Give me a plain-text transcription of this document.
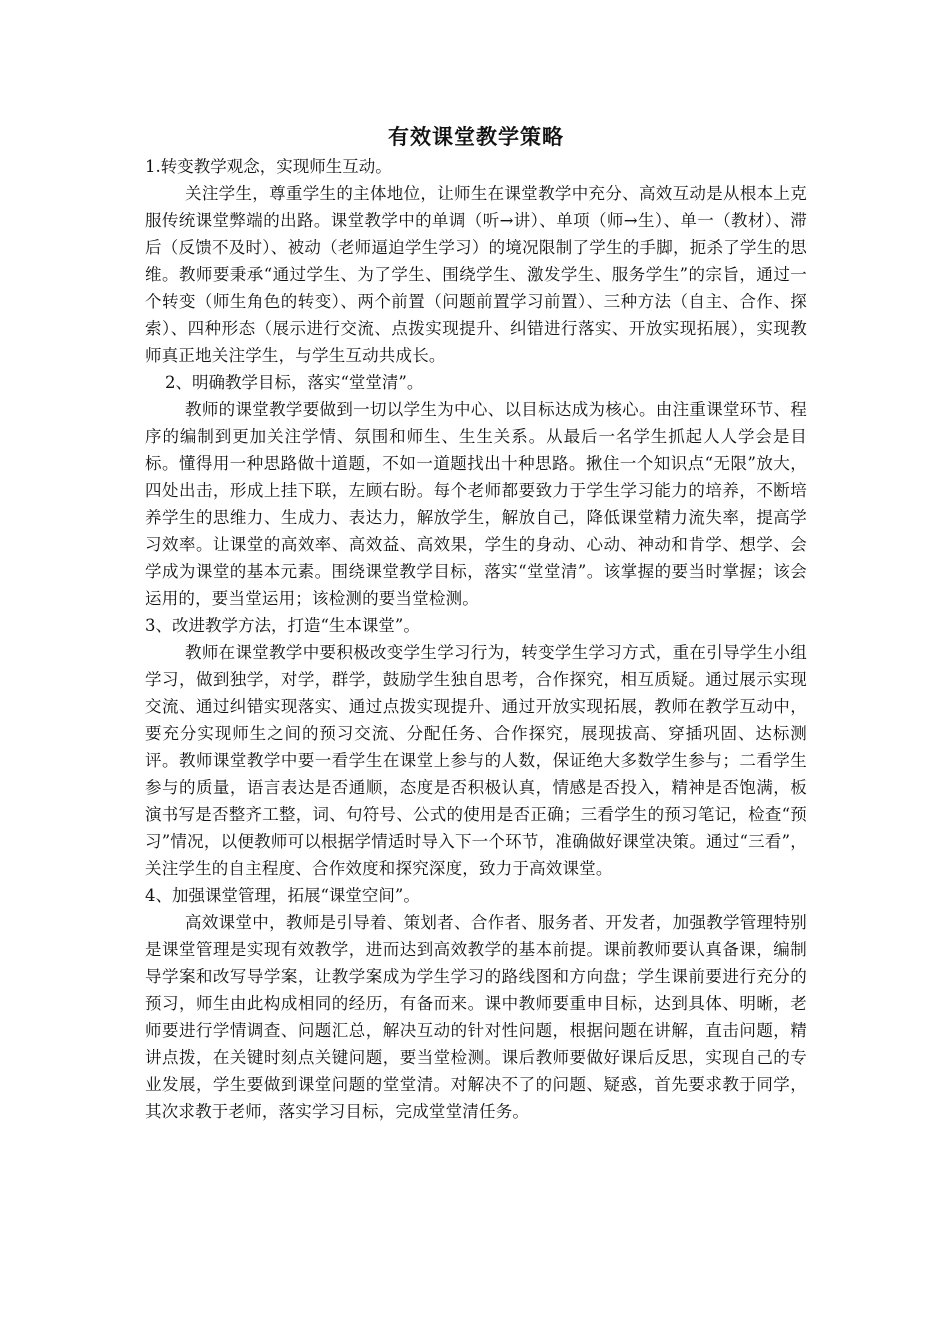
有效课堂教学策略

1.转变教学观念，实现师生互动。

关注学生，尊重学生的主体地位，让师生在课堂教学中充分、高效互动是从根本上克服传统课堂弊端的出路。课堂教学中的单调（听→讲）、单项（师→生）、单一（教材）、滞后（反馈不及时）、被动（老师逼迫学生学习）的境况限制了学生的手脚，扼杀了学生的思维。教师要秉承“通过学生、为了学生、围绕学生、激发学生、服务学生”的宗旨，通过一个转变（师生角色的转变）、两个前置（问题前置学习前置）、三种方法（自主、合作、探索）、四种形态（展示进行交流、点拨实现提升、纠错进行落实、开放实现拓展），实现教师真正地关注学生，与学生互动共成长。

2、明确教学目标，落实“堂堂清”。

教师的课堂教学要做到一切以学生为中心、以目标达成为核心。由注重课堂环节、程序的编制到更加关注学情、氛围和师生、生生关系。从最后一名学生抓起人人学会是目标。懂得用一种思路做十道题，不如一道题找出十种思路。揪住一个知识点“无限”放大，四处出击，形成上挂下联，左顾右盼。每个老师都要致力于学生学习能力的培养，不断培养学生的思维力、生成力、表达力，解放学生，解放自己，降低课堂精力流失率，提高学习效率。让课堂的高效率、高效益、高效果，学生的身动、心动、神动和肯学、想学、会学成为课堂的基本元素。围绕课堂教学目标，落实“堂堂清”。该掌握的要当时掌握；该会运用的，要当堂运用；该检测的要当堂检测。

3、改进教学方法，打造“生本课堂”。

教师在课堂教学中要积极改变学生学习行为，转变学生学习方式，重在引导学生小组学习，做到独学，对学，群学，鼓励学生独自思考，合作探究，相互质疑。通过展示实现交流、通过纠错实现落实、通过点拨实现提升、通过开放实现拓展，教师在教学互动中，要充分实现师生之间的预习交流、分配任务、合作探究，展现拔高、穿插巩固、达标测评。教师课堂教学中要一看学生在课堂上参与的人数，保证绝大多数学生参与；二看学生参与的质量，语言表达是否通顺，态度是否积极认真，情感是否投入，精神是否饱满，板演书写是否整齐工整，词、句符号、公式的使用是否正确；三看学生的预习笔记，检查“预习”情况，以便教师可以根据学情适时导入下一个环节，准确做好课堂决策。通过“三看”，关注学生的自主程度、合作效度和探究深度，致力于高效课堂。

4、加强课堂管理，拓展“课堂空间”。

高效课堂中，教师是引导着、策划者、合作者、服务者、开发者，加强教学管理特别是课堂管理是实现有效教学，进而达到高效教学的基本前提。课前教师要认真备课，编制导学案和改写导学案，让教学案成为学生学习的路线图和方向盘；学生课前要进行充分的预习，师生由此构成相同的经历，有备而来。课中教师要重申目标，达到具体、明晰，老师要进行学情调查、问题汇总，解决互动的针对性问题，根据问题在讲解，直击问题，精讲点拨，在关键时刻点关键问题，要当堂检测。课后教师要做好课后反思，实现自己的专业发展，学生要做到课堂问题的堂堂清。对解决不了的问题、疑惑，首先要求教于同学，其次求教于老师，落实学习目标，完成堂堂清任务。
